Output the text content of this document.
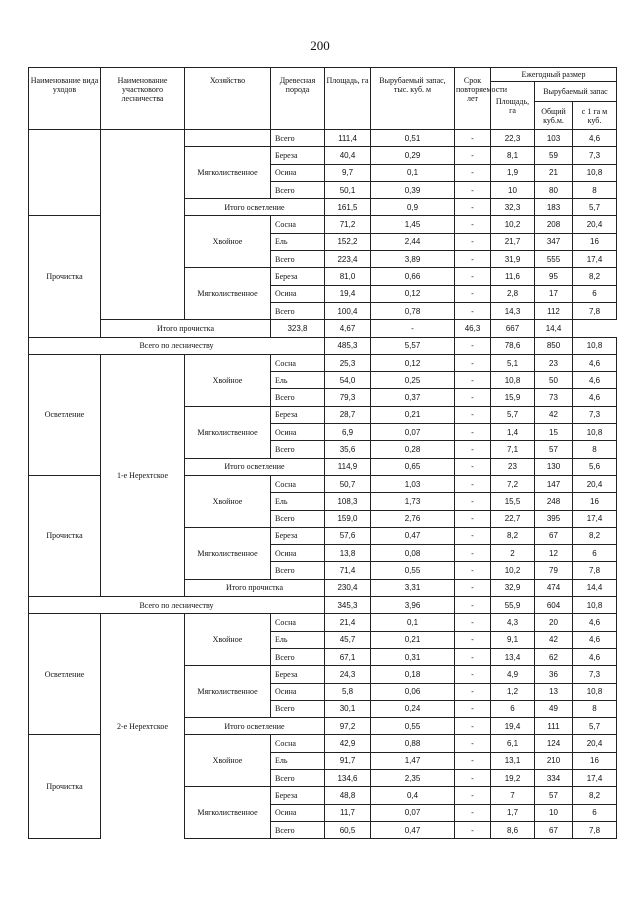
200
Наименование вида уходов	Наименование участкового лесничества	Хозяйство	Древесная порода	Площадь, га	Вырубаемый запас, тыс. куб. м	Срок повторяемости лет	Ежегодный размер		
							Площадь, га	Вырубаемый запас	
								Общий куб.м.	с 1 га м куб.
			Всего	111,4	0,51	-	22,3	103	4,6
		Мягколиственное	Береза	40,4	0,29	-	8,1	59	7,3
			Осина	9,7	0,1	-	1,9	21	10,8
			Всего	50,1	0,39	-	10	80	8
		Итого осветление		161,5	0,9	-	32,3	183	5,7
Прочистка		Хвойное	Сосна	71,2	1,45	-	10,2	208	20,4
			Ель	152,2	2,44	-	21,7	347	16
			Всего	223,4	3,89	-	31,9	555	17,4
		Мягколиственное	Береза	81,0	0,66	-	11,6	95	8,2
			Осина	19,4	0,12	-	2,8	17	6
			Всего	100,4	0,78	-	14,3	112	7,8
	Итого прочистка		323,8	4,67	-	46,3	667	14,4	
Всего по лесничеству				485,3	5,57	-	78,6	850	10,8
Осветление	1-е Нерехтское	Хвойное	Сосна	25,3	0,12	-	5,1	23	4,6
			Ель	54,0	0,25	-	10,8	50	4,6
			Всего	79,3	0,37	-	15,9	73	4,6
		Мягколиственное	Береза	28,7	0,21	-	5,7	42	7,3
			Осина	6,9	0,07	-	1,4	15	10,8
			Всего	35,6	0,28	-	7,1	57	8
		Итого осветление		114,9	0,65	-	23	130	5,6
Прочистка		Хвойное	Сосна	50,7	1,03	-	7,2	147	20,4
			Ель	108,3	1,73	-	15,5	248	16
			Всего	159,0	2,76	-	22,7	395	17,4
		Мягколиственное	Береза	57,6	0,47	-	8,2	67	8,2
			Осина	13,8	0,08	-	2	12	6
			Всего	71,4	0,55	-	10,2	79	7,8
		Итого прочистка		230,4	3,31	-	32,9	474	14,4
Всего по лесничеству				345,3	3,96	-	55,9	604	10,8
Осветление	2-е Нерехтское	Хвойное	Сосна	21,4	0,1	-	4,3	20	4,6
			Ель	45,7	0,21	-	9,1	42	4,6
			Всего	67,1	0,31	-	13,4	62	4,6
		Мягколиственное	Береза	24,3	0,18	-	4,9	36	7,3
			Осина	5,8	0,06	-	1,2	13	10,8
			Всего	30,1	0,24	-	6	49	8
		Итого осветление		97,2	0,55	-	19,4	111	5,7
Прочистка		Хвойное	Сосна	42,9	0,88	-	6,1	124	20,4
			Ель	91,7	1,47	-	13,1	210	16
			Всего	134,6	2,35	-	19,2	334	17,4
		Мягколиственное	Береза	48,8	0,4	-	7	57	8,2
			Осина	11,7	0,07	-	1,7	10	6
			Всего	60,5	0,47	-	8,6	67	7,8
